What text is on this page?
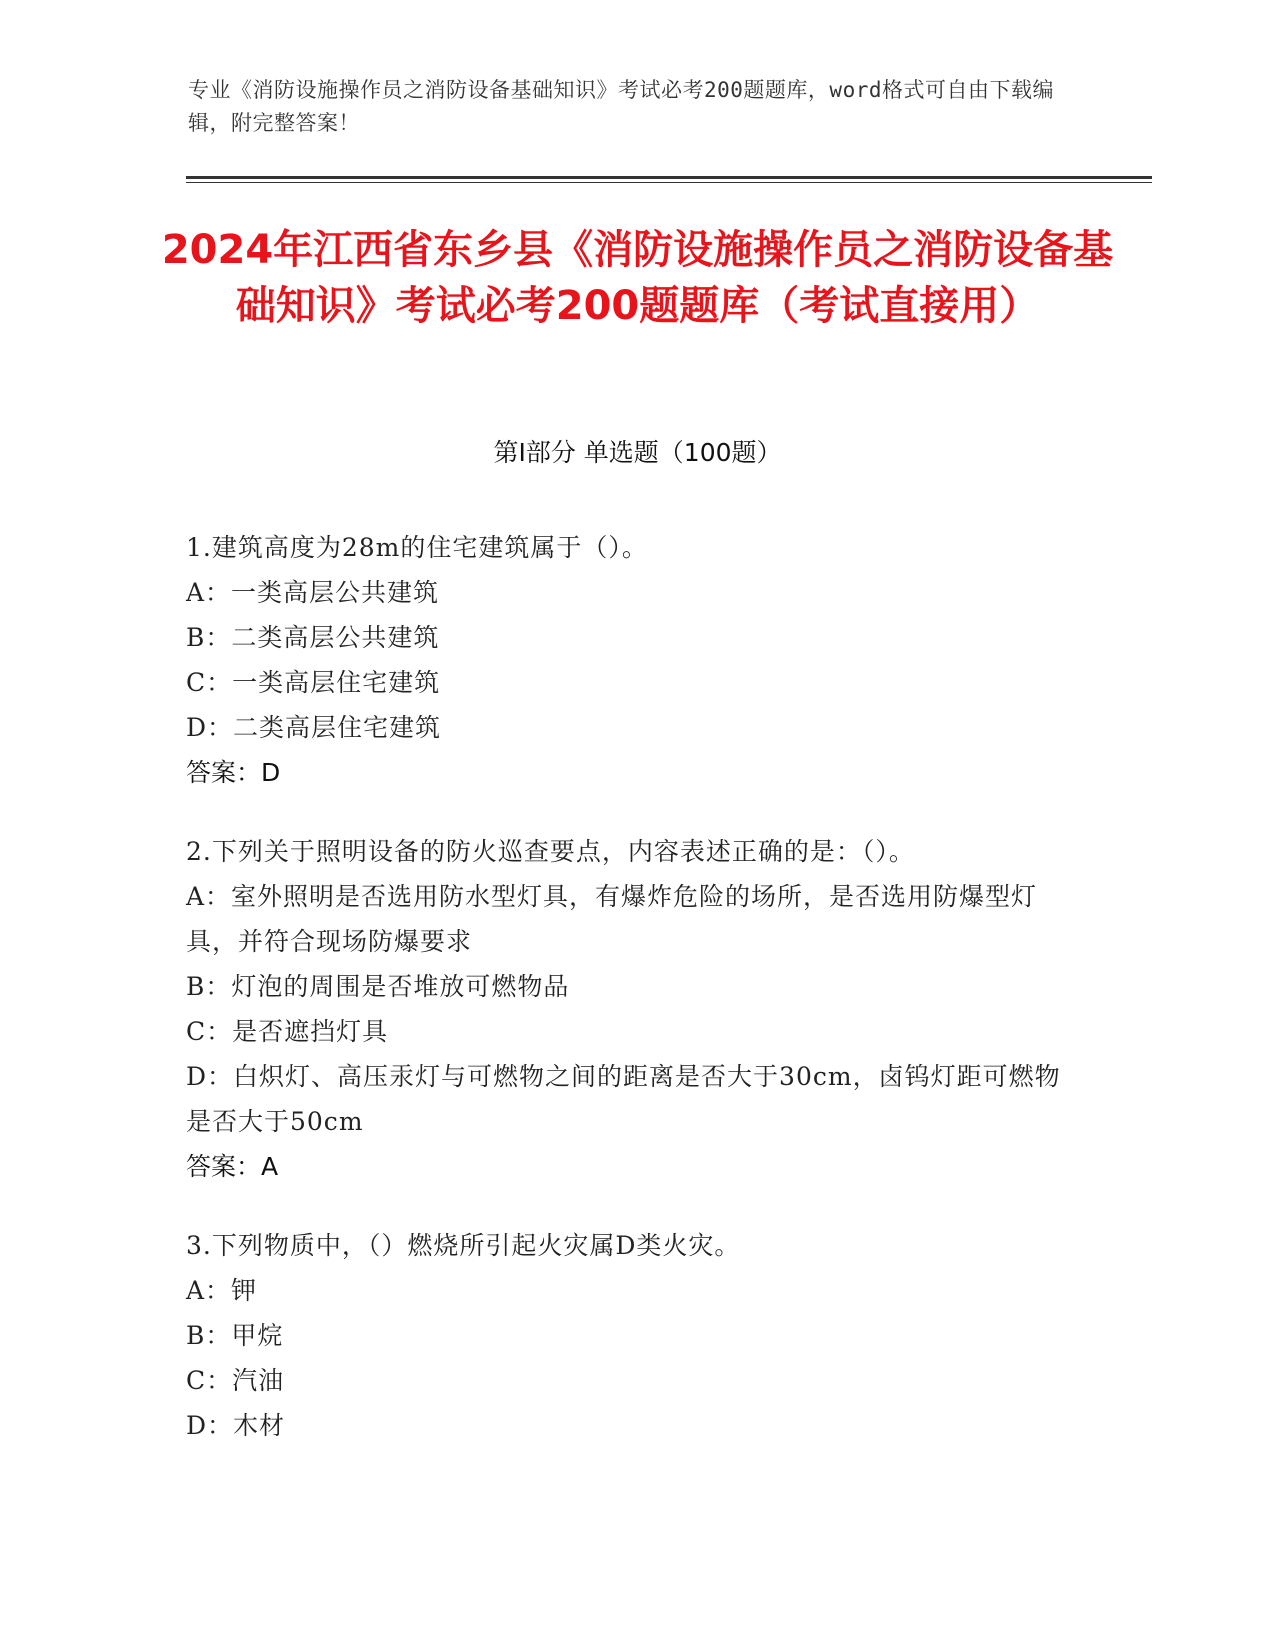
专业《消防设施操作员之消防设备基础知识》考试必考200题题库，word格式可自由下载编辑，附完整答案！
2024年江西省东乡县《消防设施操作员之消防设备基础知识》考试必考200题题库（考试直接用）
第I部分 单选题（100题）
1.建筑高度为28m的住宅建筑属于（）。
A：一类高层公共建筑
B：二类高层公共建筑
C：一类高层住宅建筑
D：二类高层住宅建筑
答案：D
2.下列关于照明设备的防火巡查要点，内容表述正确的是：（）。
A：室外照明是否选用防水型灯具，有爆炸危险的场所，是否选用防爆型灯具，并符合现场防爆要求
B：灯泡的周围是否堆放可燃物品
C：是否遮挡灯具
D：白炽灯、高压汞灯与可燃物之间的距离是否大于30cm，卤钨灯距可燃物是否大于50cm
答案：A
3.下列物质中，（）燃烧所引起火灾属D类火灾。
A：钾
B：甲烷
C：汽油
D：木材
